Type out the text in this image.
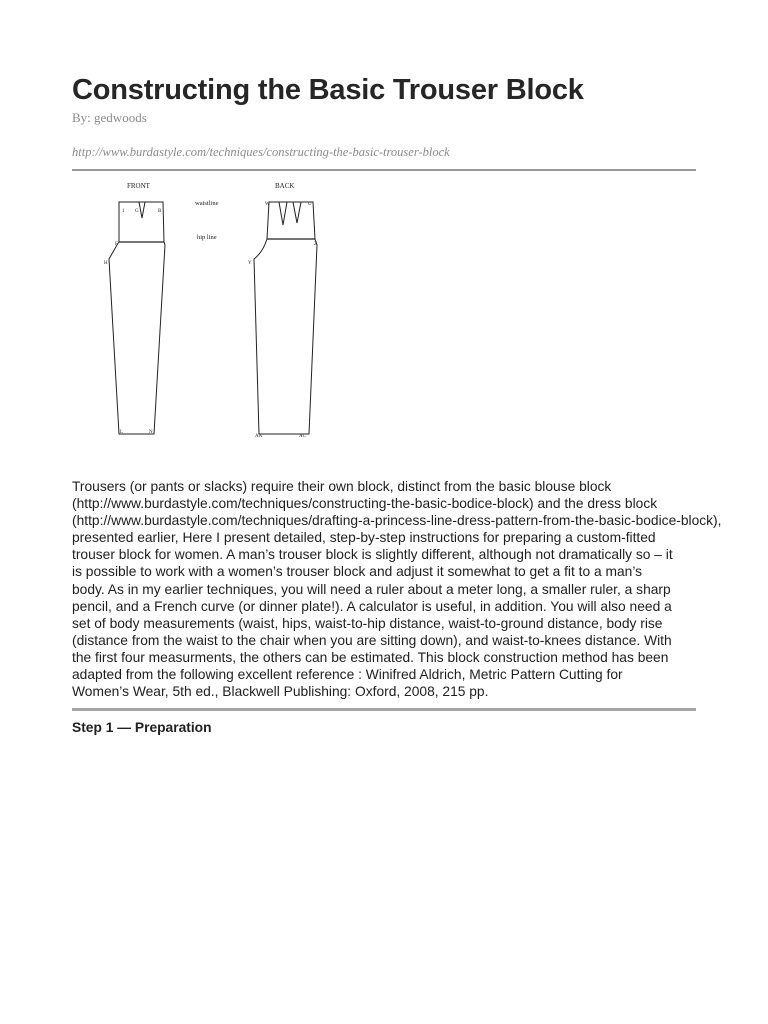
Constructing the Basic Trouser Block
By: gedwoods
http://www.burdastyle.com/techniques/constructing-the-basic-trouser-block
FRONT	BACK
waistline
hip line
1 G	B
F
H
L	N
W	U
Z
Y
AA	AC
Trousers (or pants or slacks) require their own block, distinct from the basic blouse block
(http://www.burdastyle.com/techniques/constructing-the-basic-bodice-block) and the dress block
(http://www.burdastyle.com/techniques/drafting-a-princess-line-dress-pattern-from-the-basic-bodice-block),
presented earlier, Here I present detailed, step-by-step instructions for preparing a custom-fitted
trouser block for women. A man’s trouser block is slightly different, although not dramatically so – it
is possible to work with a women’s trouser block and adjust it somewhat to get a fit to a man’s
body. As in my earlier techniques, you will need a ruler about a meter long, a smaller ruler, a sharp
pencil, and a French curve (or dinner plate!). A calculator is useful, in addition. You will also need a
set of body measurements (waist, hips, waist-to-hip distance, waist-to-ground distance, body rise
(distance from the waist to the chair when you are sitting down), and waist-to-knees distance. With
the first four measurments, the others can be estimated. This block construction method has been
adapted from the following excellent reference : Winifred Aldrich, Metric Pattern Cutting for
Women’s Wear, 5th ed., Blackwell Publishing: Oxford, 2008, 215 pp.
Step 1 — Preparation
